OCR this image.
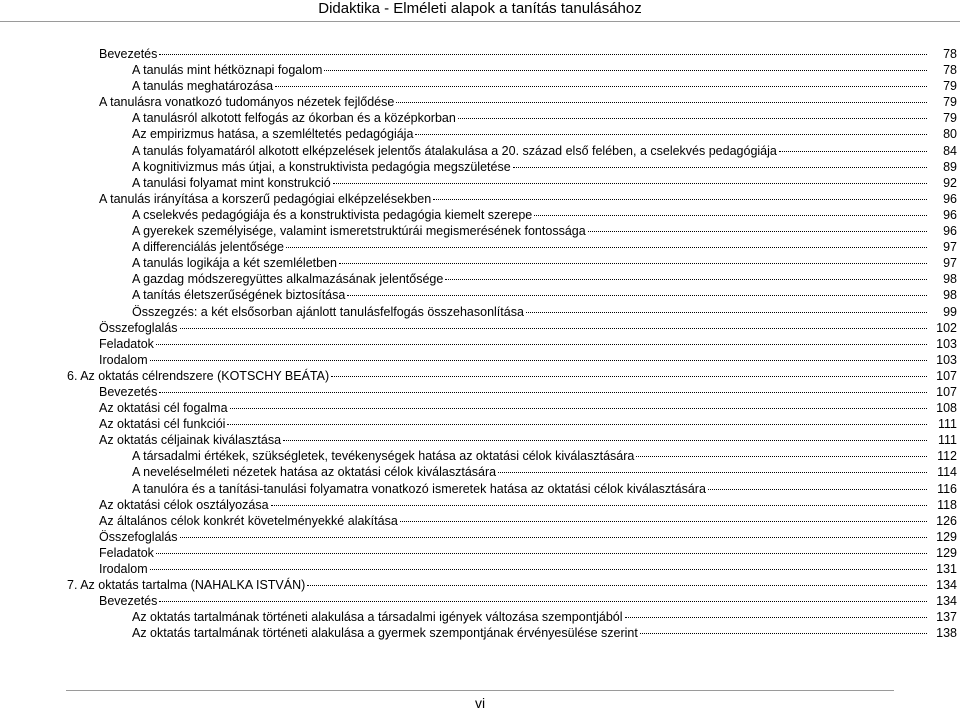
Didaktika - Elméleti alapok a tanítás tanulásához
Bevezetés	78
A tanulás mint hétköznapi fogalom	78
A tanulás meghatározása	79
A tanulásra vonatkozó tudományos nézetek fejlődése	79
A tanulásról alkotott felfogás az ókorban és a középkorban	79
Az empirizmus hatása, a szemléltetés pedagógiája	80
A tanulás folyamatáról alkotott elképzelések jelentős átalakulása a 20. század első felében, a cselekvés pedagógiája	84
A kognitivizmus más útjai, a konstruktivista pedagógia megszületése	89
A tanulási folyamat mint konstrukció	92
A tanulás irányítása a korszerű pedagógiai elképzelésekben	96
A cselekvés pedagógiája és a konstruktivista pedagógia kiemelt szerepe	96
A gyerekek személyisége, valamint ismeretstruktúrái megismerésének fontossága	96
A differenciálás jelentősége	97
A tanulás logikája a két szemléletben	97
A gazdag módszeregyüttes alkalmazásának jelentősége	98
A tanítás életszerűségének biztosítása	98
Összegzés: a két elsősorban ajánlott tanulásfelfogás összehasonlítása	99
Összefoglalás	102
Feladatok	103
Irodalom	103
6. Az oktatás célrendszere (KOTSCHY BEÁTA)	107
Bevezetés	107
Az oktatási cél fogalma	108
Az oktatási cél funkciói	111
Az oktatás céljainak kiválasztása	111
A társadalmi értékek, szükségletek, tevékenységek hatása az oktatási célok kiválasztására	112
A neveléselméleti nézetek hatása az oktatási célok kiválasztására	114
A tanulóra és a tanítási-tanulási folyamatra vonatkozó ismeretek hatása az oktatási célok kiválasztására	116
Az oktatási célok osztályozása	118
Az általános célok konkrét követelményekké alakítása	126
Összefoglalás	129
Feladatok	129
Irodalom	131
7. Az oktatás tartalma (NAHALKA ISTVÁN)	134
Bevezetés	134
Az oktatás tartalmának történeti alakulása a társadalmi igények változása szempontjából	137
Az oktatás tartalmának történeti alakulása a gyermek szempontjának érvényesülése szerint	138
vi
